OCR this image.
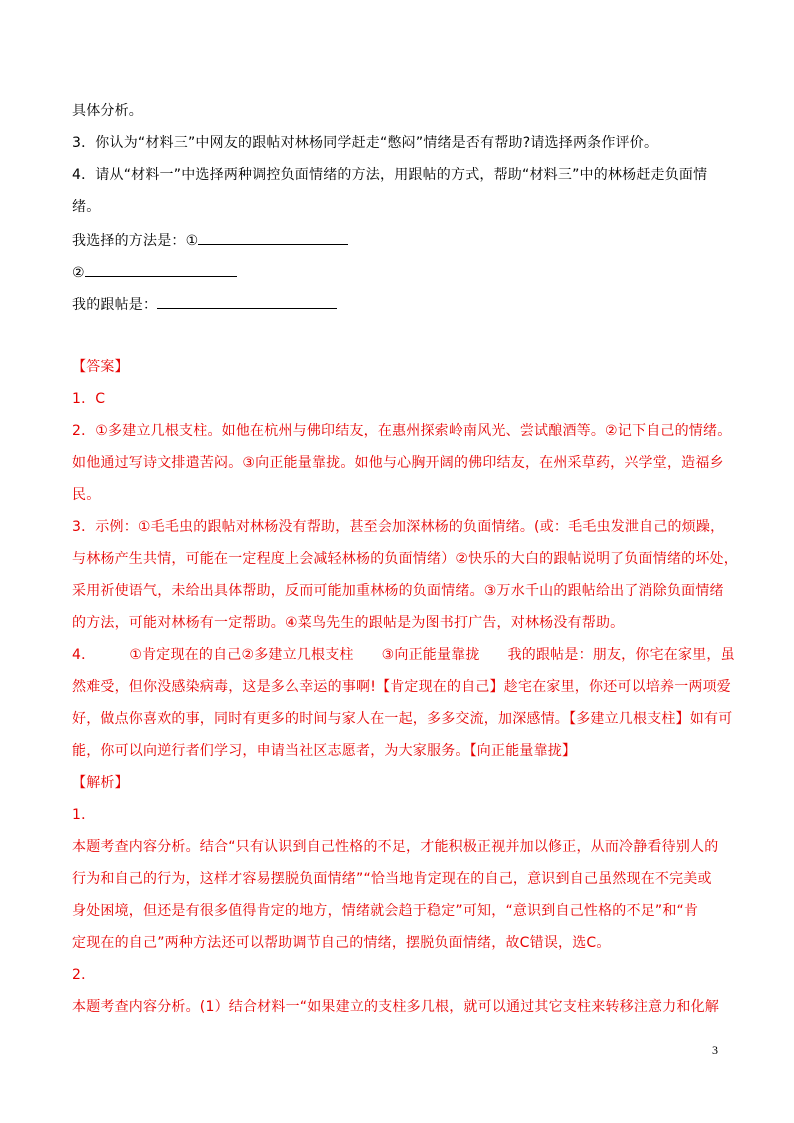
具体分析。
3．你认为“材料三”中网友的跟帖对林杨同学赶走“憋闷”情绪是否有帮助?请选择两条作评价。
4．请从“材料一”中选择两种调控负面情绪的方法，用跟帖的方式，帮助“材料三”中的林杨赶走负面情
绪。
我选择的方法是：①
②
我的跟帖是：
【答案】
1．C
2．①多建立几根支柱。如他在杭州与佛印结友，在惠州探索岭南风光、尝试酿酒等。②记下自己的情绪。
如他通过写诗文排遣苦闷。③向正能量靠拢。如他与心胸开阔的佛印结友，在州采草药，兴学堂，造福乡
民。
3．示例：①毛毛虫的跟帖对林杨没有帮助，甚至会加深林杨的负面情绪。(或：毛毛虫发泄自己的烦躁，
与林杨产生共情，可能在一定程度上会减轻林杨的负面情绪）②快乐的大白的跟帖说明了负面情绪的坏处，
采用祈使语气，未给出具体帮助，反而可能加重林杨的负面情绪。③万水千山的跟帖给出了消除负面情绪
的方法，可能对林杨有一定帮助。④菜鸟先生的跟帖是为图书打广告，对林杨没有帮助。
4． ①肯定现在的自己②多建立几根支柱 ③向正能量靠拢 我的跟帖是：朋友，你宅在家里，虽
然难受，但你没感染病毒，这是多么幸运的事啊!【肯定现在的自己】趁宅在家里，你还可以培养一两项爱
好，做点你喜欢的事，同时有更多的时间与家人在一起，多多交流，加深感情。【多建立几根支柱】如有可
能，你可以向逆行者们学习，申请当社区志愿者，为大家服务。【向正能量靠拢】
【解析】
1．
本题考查内容分析。结合“只有认识到自己性格的不足，才能积极正视并加以修正，从而冷静看待别人的
行为和自己的行为，这样才容易摆脱负面情绪”“恰当地肯定现在的自己，意识到自己虽然现在不完美或
身处困境，但还是有很多值得肯定的地方，情绪就会趋于稳定”可知，“意识到自己性格的不足”和“肯
定现在的自己”两种方法还可以帮助调节自己的情绪，摆脱负面情绪，故C错误，选C。
2．
本题考查内容分析。(1）结合材料一“如果建立的支柱多几根，就可以通过其它支柱来转移注意力和化解
3
